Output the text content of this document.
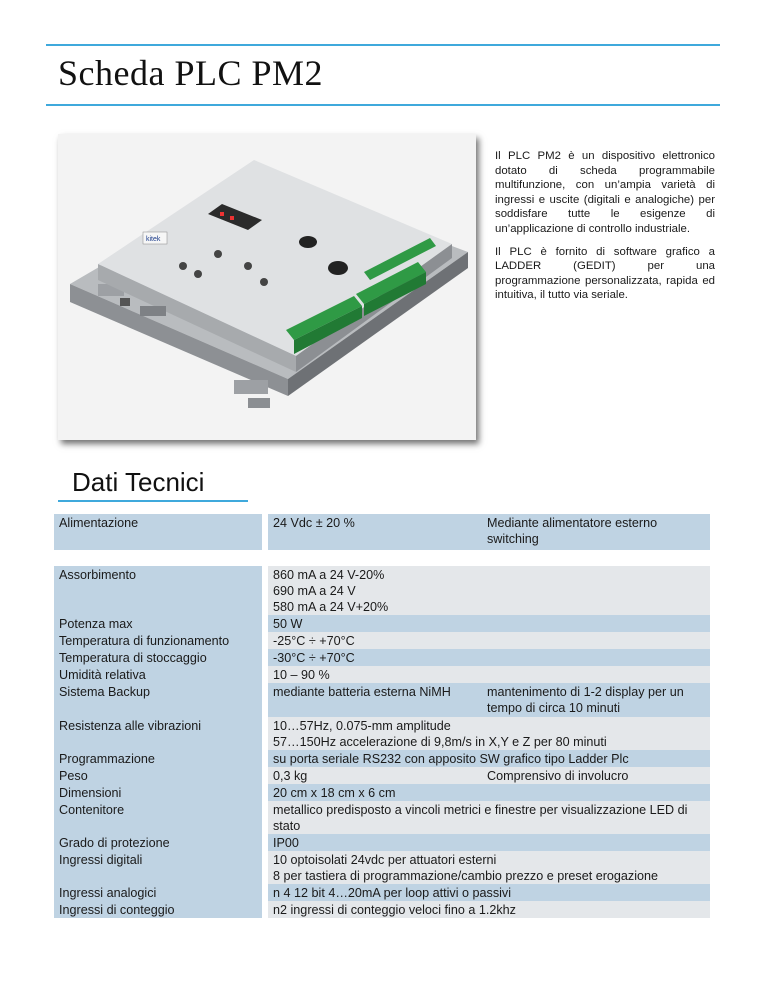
Scheda PLC PM2
kitek

Il PLC PM2 è un dispositivo elettronico dotato di scheda programmabile multifunzione, con un’ampia varietà di ingressi e uscite (digitali e analogiche) per soddisfare tutte le esigenze di un’applicazione di controllo industriale.

Il PLC è fornito di software grafico a LADDER (GEDIT) per una programmazione personalizzata, rapida ed intuitiva, il tutto via seriale.

Dati Tecnici
Alimentazione	24 Vdc ± 20 %	Mediante alimentatore esterno switching
Assorbimento	860 mA a 24 V-20%
690 mA a 24 V
580 mA a 24 V+20%
Potenza max	50 W
Temperatura di funzionamento	-25°C ÷ +70°C
Temperatura di stoccaggio	-30°C ÷ +70°C
Umidità relativa	10 – 90 %
Sistema Backup	mediante batteria esterna NiMH	mantenimento di 1-2 display per un tempo di circa 10 minuti
Resistenza alle vibrazioni	10…57Hz, 0.075-mm amplitude
57…150Hz accelerazione di 9,8m/s in X,Y e Z per 80 minuti
Programmazione	su porta seriale RS232 con apposito SW grafico tipo Ladder Plc
Peso	0,3 kg	Comprensivo di involucro
Dimensioni	20 cm x 18 cm x 6 cm
Contenitore	metallico predisposto a vincoli metrici e finestre per visualizzazione LED di stato
Grado di protezione	IP00
Ingressi digitali	10 optoisolati 24vdc per attuatori esterni
8 per tastiera di programmazione/cambio prezzo e preset erogazione
Ingressi analogici	n 4 12 bit 4…20mA per loop attivi o passivi
Ingressi di conteggio	n2 ingressi di conteggio veloci fino a 1.2khz
